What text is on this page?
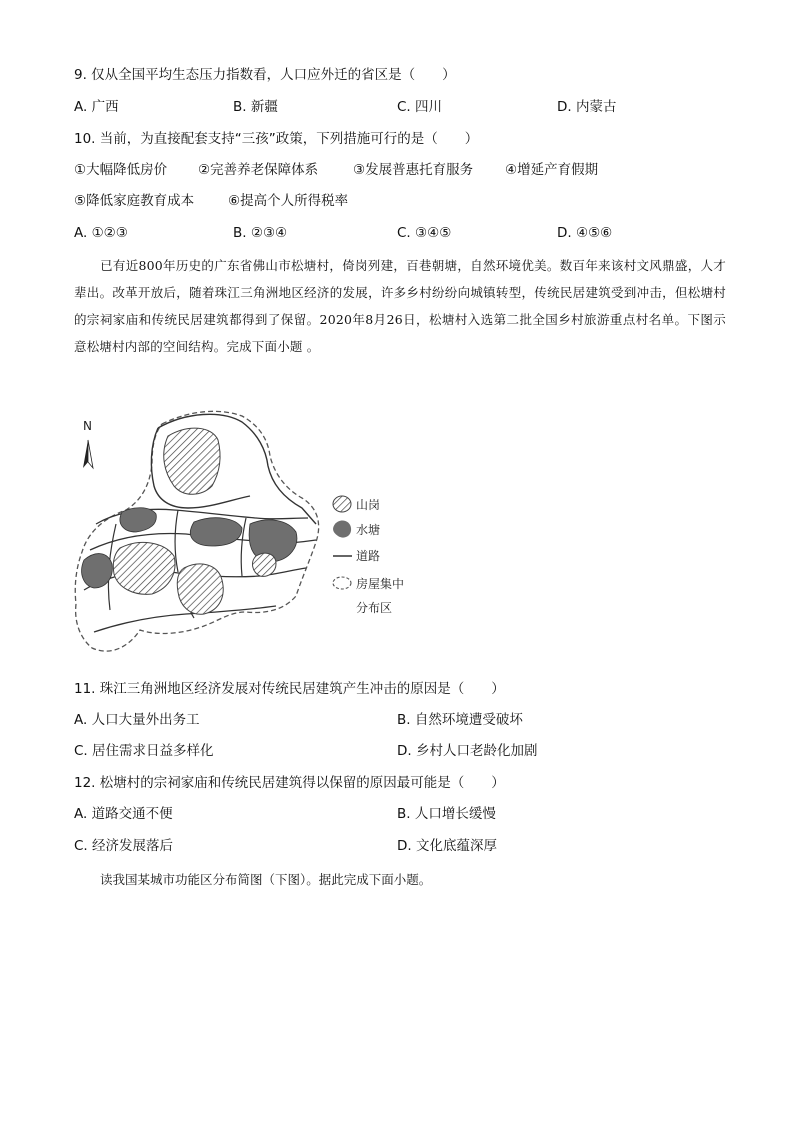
9. 仅从全国平均生态压力指数看，人口应外迁的省区是（　　）
A. 广西	B. 新疆	C. 四川	D. 内蒙古
10. 当前，为直接配套支持“三孩”政策，下列措施可行的是（　　）
①大幅降低房价 ②完善养老保障体系	③发展普惠托育服务 ④增延产育假期
⑤降低家庭教育成本	⑥提高个人所得税率
A. ①②③	B. ②③④	C. ③④⑤	D. ④⑤⑥
已有近800年历史的广东省佛山市松塘村，倚岗列建，百巷朝塘，自然环境优美。数百年来该村文风鼎盛，人才辈出。改革开放后，随着珠江三角洲地区经济的发展，许多乡村纷纷向城镇转型，传统民居建筑受到冲击，但松塘村的宗祠家庙和传统民居建筑都得到了保留。2020年8月26日，松塘村入选第二批全国乡村旅游重点村名单。下图示意松塘村内部的空间结构。完成下面小题 。
N
山岗
水塘
道路
房屋集中
分布区
11. 珠江三角洲地区经济发展对传统民居建筑产生冲击的原因是（　　）
A. 人口大量外出务工	B. 自然环境遭受破坏
C. 居住需求日益多样化	D. 乡村人口老龄化加剧
12. 松塘村的宗祠家庙和传统民居建筑得以保留的原因最可能是（　　）
A. 道路交通不便	B. 人口增长缓慢
C. 经济发展落后	D. 文化底蕴深厚
读我国某城市功能区分布简图（下图）。据此完成下面小题。
